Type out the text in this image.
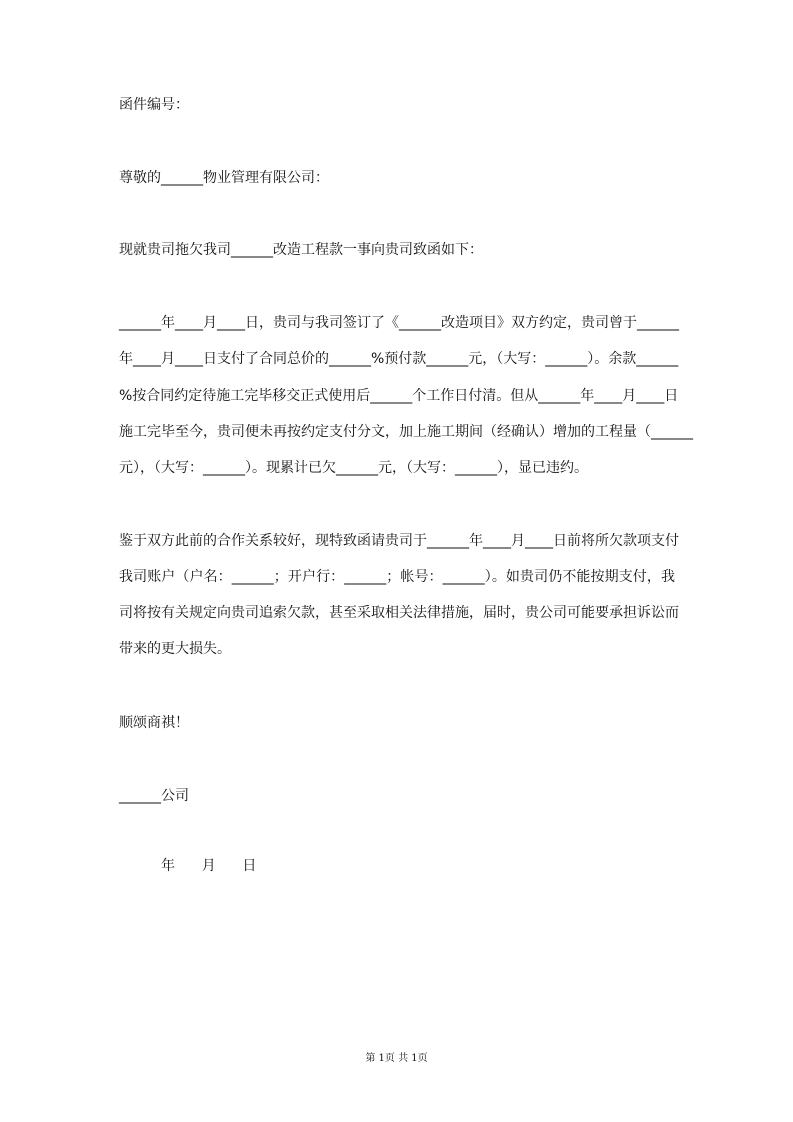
函件编号：
尊敬的______物业管理有限公司：
现就贵司拖欠我司______改造工程款一事向贵司致函如下：
______年____月____日，贵司与我司签订了《______改造项目》双方约定，贵司曾于______
年____月____日支付了合同总价的______%预付款______元，（大写：______）。余款______
%按合同约定待施工完毕移交正式使用后______个工作日付清。但从______年____月____日
施工完毕至今，贵司便未再按约定支付分文，加上施工期间（经确认）增加的工程量（______
元），（大写：______）。现累计已欠______元，（大写：______），显已违约。
鉴于双方此前的合作关系较好，现特致函请贵司于______年____月____日前将所欠款项支付
我司账户（户名：______；开户行：______；帐号：______）。如贵司仍不能按期支付，我
司将按有关规定向贵司追索欠款，甚至采取相关法律措施，届时，贵公司可能要承担诉讼而
带来的更大损失。
顺颂商祺！
______公司
年      月      日
第 1页 共 1页
